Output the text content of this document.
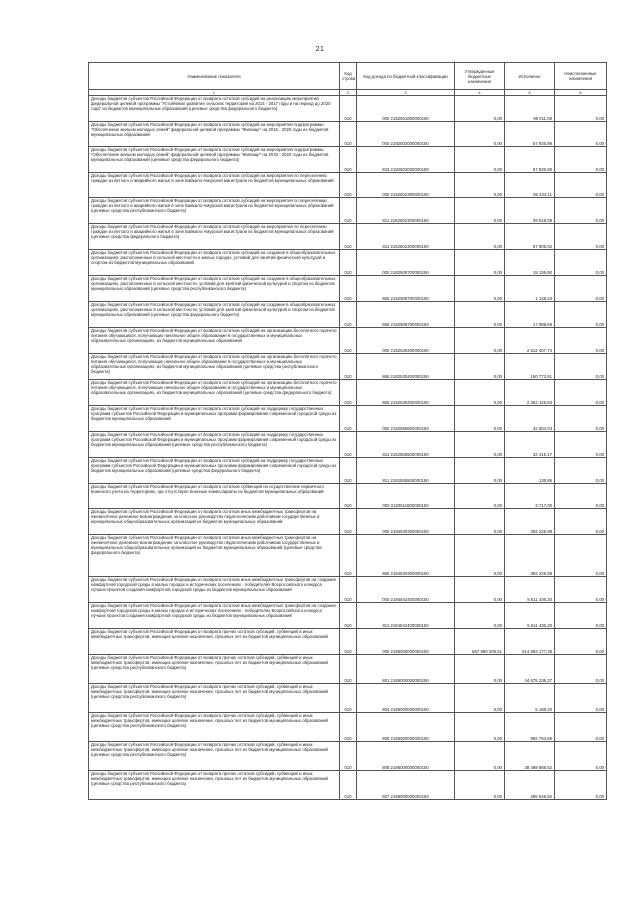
21
Наименование показателя	Код строки	Код дохода по бюджетной классификации	Утвержденные бюджетные назначения	Исполнено	Неисполненные назначения
1	2	3	4	5	6
Доходы бюджетов субъектов Российской Федерации от возврата остатков субсидий на реализацию мероприятий федеральной целевой программы "Устойчивое развитие сельских территорий на 2014 - 2017 годы и на период до 2020 года" из бюджетов муниципальных образований (целевые средства федерального бюджета)	010	000 2182501800000150	0,00	99 011,08	0,00
Доходы бюджетов субъектов Российской Федерации от возврата остатков субсидий на мероприятия подпрограммы "Обеспечение жильем молодых семей" федеральной целевой программы "Жилище" на 2015 - 2020 годы из бюджетов муниципальных образований	010	000 2182502000000150	0,00	57 926,89	0,00
Доходы бюджетов субъектов Российской Федерации от возврата остатков субсидий на мероприятия подпрограммы "Обеспечение жильем молодых семей" федеральной целевой программы "Жилище" на 2015 - 2020 годы из бюджетов муниципальных образований (целевые средства федерального бюджета)	010	843 2182502000000150	0,00	57 926,89	0,00
Доходы бюджетов субъектов Российской Федерации от возврата остатков субсидий на мероприятия по переселению граждан из ветхого и аварийного жилья в зоне Байкало-Амурской магистрали из бюджетов муниципальных образований	010	000 2182502300000150	0,00	92 424,11	0,00
Доходы бюджетов субъектов Российской Федерации от возврата остатков субсидий на мероприятия по переселению граждан из ветхого и аварийного жилья в зоне Байкало-Амурской магистрали из бюджетов муниципальных образований (целевые средства республиканского бюджета)	010	811 2182502300000150	0,00	39 519,09	0,00
Доходы бюджетов субъектов Российской Федерации от возврата остатков субсидий на мероприятия по переселению граждан из ветхого и аварийного жилья в зоне Байкало-Амурской магистрали из бюджетов муниципальных образований (целевые средства федерального бюджета)	010	811 2182502300000150	0,00	57 905,02	0,00
Доходы бюджетов субъектов Российской Федерации от возврата остатков субсидий на создание в общеобразовательных организациях, расположенных в сельской местности и малых городах, условий для занятий физической культурой и спортом из бюджетов муниципальных образований	010	000 2182509700000150	0,00	19 136,92	0,00
Доходы бюджетов субъектов Российской Федерации от возврата остатков субсидий на создание в общеобразовательных организациях, расположенных в сельской местности, условий для занятий физической культурой и спортом из бюджетов муниципальных образований (целевые средства республиканского бюджета)	010	866 2182509700000150	0,00	1 148,23	0,00
Доходы бюджетов субъектов Российской Федерации от возврата остатков субсидий на создание в общеобразовательных организациях, расположенных в сельской местности, условий для занятий физической культурой и спортом из бюджетов муниципальных образований (целевые средства федерального бюджета)	010	866 2182509700000150	0,00	17 988,69	0,00
Доходы бюджетов субъектов Российской Федерации от возврата остатков субсидий на организацию бесплатного горячего питания обучающихся, получающих начальное общее образование в государственных и муниципальных образовательных организациях, из бюджетов муниципальных образований	010	000 2182530400000150	0,00	2 512 407,74	0,00
Доходы бюджетов субъектов Российской Федерации от возврата остатков субсидий на организацию бесплатного горячего питания обучающихся, получающих начальное общее образование в государственных и муниципальных образовательных организациях, из бюджетов муниципальных образований (целевые средства республиканского бюджета)	010	866 2182530400000150	0,00	150 773,91	0,00
Доходы бюджетов субъектов Российской Федерации от возврата остатков субсидий на организацию бесплатного горячего питания обучающихся, получающих начальное общее образование в государственных и муниципальных образовательных организациях, из бюджетов муниципальных образований (целевые средства федерального бюджета)	010	866 2182530400000150	0,00	2 362 125,83	0,00
Доходы бюджетов субъектов Российской Федерации от возврата остатков субсидий на поддержку государственных программ субъектов Российской Федерации и муниципальных программ формирования современной городской среды из бюджетов муниципальных образований	010	000 2182555500000150	0,00	32 554,03	0,00
Доходы бюджетов субъектов Российской Федерации от возврата остатков субсидий на поддержку государственных программ субъектов Российской Федерации и муниципальных программ формирования современной городской среды из бюджетов муниципальных образований (целевые средства республиканского бюджета)	010	811 2182555500000150	0,00	32 415,17	0,00
Доходы бюджетов субъектов Российской Федерации от возврата остатков субсидий на поддержку государственных программ субъектов Российской Федерации и муниципальных программ формирования современной городской среды из бюджетов муниципальных образований (целевые средства федерального бюджета)	010	811 2182555500000150	0,00	138,86	0,00
Доходы бюджетов субъектов Российской Федерации от возврата остатков субвенций на осуществление первичного воинского учета на территориях, где отсутствуют военные комиссариаты из бюджетов муниципальных образований	010	000 2183511800000150	0,00	3 717,00	0,00
Доходы бюджетов субъектов Российской Федерации от возврата остатков иных межбюджетных трансфертов на ежемесячное денежное вознаграждение за классное руководство педагогическим работникам государственных и муниципальных общеобразовательных организаций из бюджетов муниципальных образований	010	000 2184530300000150	0,00	392 225,98	0,00
Доходы бюджетов субъектов Российской Федерации от возврата остатков иных межбюджетных трансфертов на ежемесячное денежное вознаграждение за классное руководство педагогическим работникам государственных и муниципальных общеобразовательных организаций из бюджетов муниципальных образований (целевые средства федерального бюджета)	010	866 2184530300000150	0,00	392 225,98	0,00
Доходы бюджетов субъектов Российской Федерации от возврата остатков иных межбюджетных трансфертов на создание комфортной городской среды в малых городах и исторических поселениях - победителях Всероссийского конкурса лучших проектов создания комфортной городской среды из бюджетов муниципальных образований	010	000 2184542400000150	0,00	5 611 436,20	0,00
Доходы бюджетов субъектов Российской Федерации от возврата остатков иных межбюджетных трансфертов на создание комфортной городской среды в малых городах и исторических поселениях - победителях Всероссийского конкурса лучших проектов создания комфортной городской среды из бюджетов муниципальных образований	010	811 2184542400000150	0,00	5 611 436,20	0,00
Доходы бюджетов субъектов Российской Федерации от возврата прочих остатков субсидий, субвенций и иных межбюджетных трансфертов, имеющих целевое назначение, прошлых лет из бюджетов муниципальных образований	010	000 2186000000000150	567 890 205,51	614 683 177,38	0,00
Доходы бюджетов субъектов Российской Федерации от возврата прочих остатков субсидий, субвенций и иных межбюджетных трансфертов, имеющих целевое назначение, прошлых лет из бюджетов муниципальных образований (целевые средства республиканского бюджета)	010	801 2186000000000150	0,00	44 675 236,37	0,00
Доходы бюджетов субъектов Российской Федерации от возврата прочих остатков субсидий, субвенций и иных межбюджетных трансфертов, имеющих целевое назначение, прошлых лет из бюджетов муниципальных образований (целевые средства республиканского бюджета)	010	804 2186000000000150	0,00	5 188,20	0,00
Доходы бюджетов субъектов Российской Федерации от возврата прочих остатков субсидий, субвенций и иных межбюджетных трансфертов, имеющих целевое назначение, прошлых лет из бюджетов муниципальных образований (целевые средства республиканского бюджета)	010	806 2186000000000150	0,00	892 794,68	0,00
Доходы бюджетов субъектов Российской Федерации от возврата прочих остатков субсидий, субвенций и иных межбюджетных трансфертов, имеющих целевое назначение, прошлых лет из бюджетов муниципальных образований (целевые средства республиканского бюджета)	010	808 2186000000000150	0,00	38 489 888,52	0,00
Доходы бюджетов субъектов Российской Федерации от возврата прочих остатков субсидий, субвенций и иных межбюджетных трансфертов, имеющих целевое назначение, прошлых лет из бюджетов муниципальных образований (целевые средства республиканского бюджета)	010	807 2186000000000150	0,00	295 648,92	0,00
